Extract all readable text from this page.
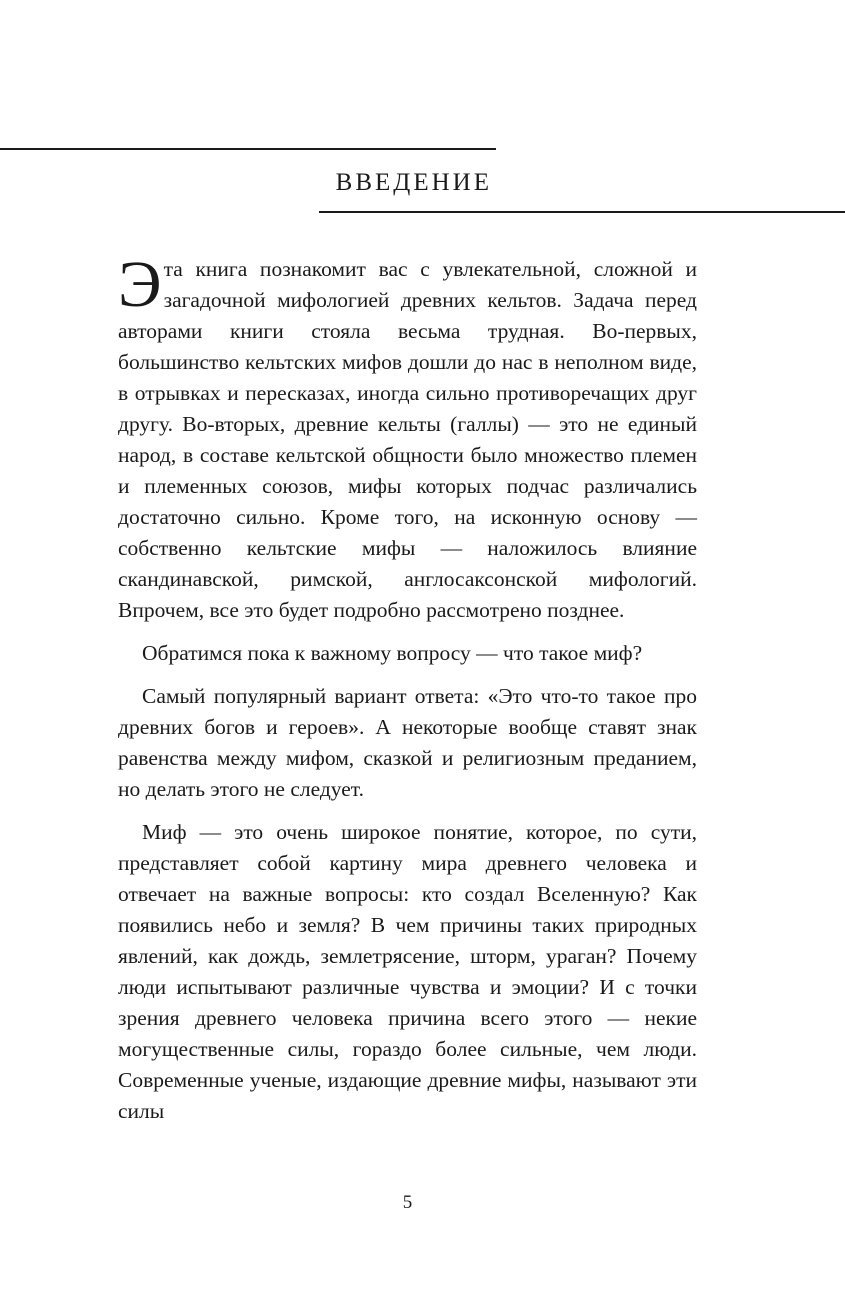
ВВЕДЕНИЕ

Эта книга познакомит вас с увлекательной, сложной и загадочной мифологией древних кельтов. Задача перед авторами книги стояла весьма трудная. Во-первых, большинство кельтских мифов дошли до нас в неполном виде, в отрывках и пересказах, иногда сильно противоречащих друг другу. Во-вторых, древние кельты (галлы) — это не единый народ, в составе кельтской общности было множество племен и племенных союзов, мифы которых подчас различались достаточно сильно. Кроме того, на исконную основу — собственно кельтские мифы — наложилось влияние скандинавской, римской, англосаксонской мифологий. Впрочем, все это будет подробно рассмотрено позднее.

Обратимся пока к важному вопросу — что такое миф?

Самый популярный вариант ответа: «Это что-то такое про древних богов и героев». А некоторые вообще ставят знак равенства между мифом, сказкой и религиозным преданием, но делать этого не следует.

Миф — это очень широкое понятие, которое, по сути, представляет собой картину мира древнего человека и отвечает на важные вопросы: кто создал Вселенную? Как появились небо и земля? В чем причины таких природных явлений, как дождь, землетрясение, шторм, ураган? Почему люди испытывают различные чувства и эмоции? И с точки зрения древнего человека причина всего этого — некие могущественные силы, гораздо более сильные, чем люди. Современные ученые, издающие древние мифы, называют эти силы

5
